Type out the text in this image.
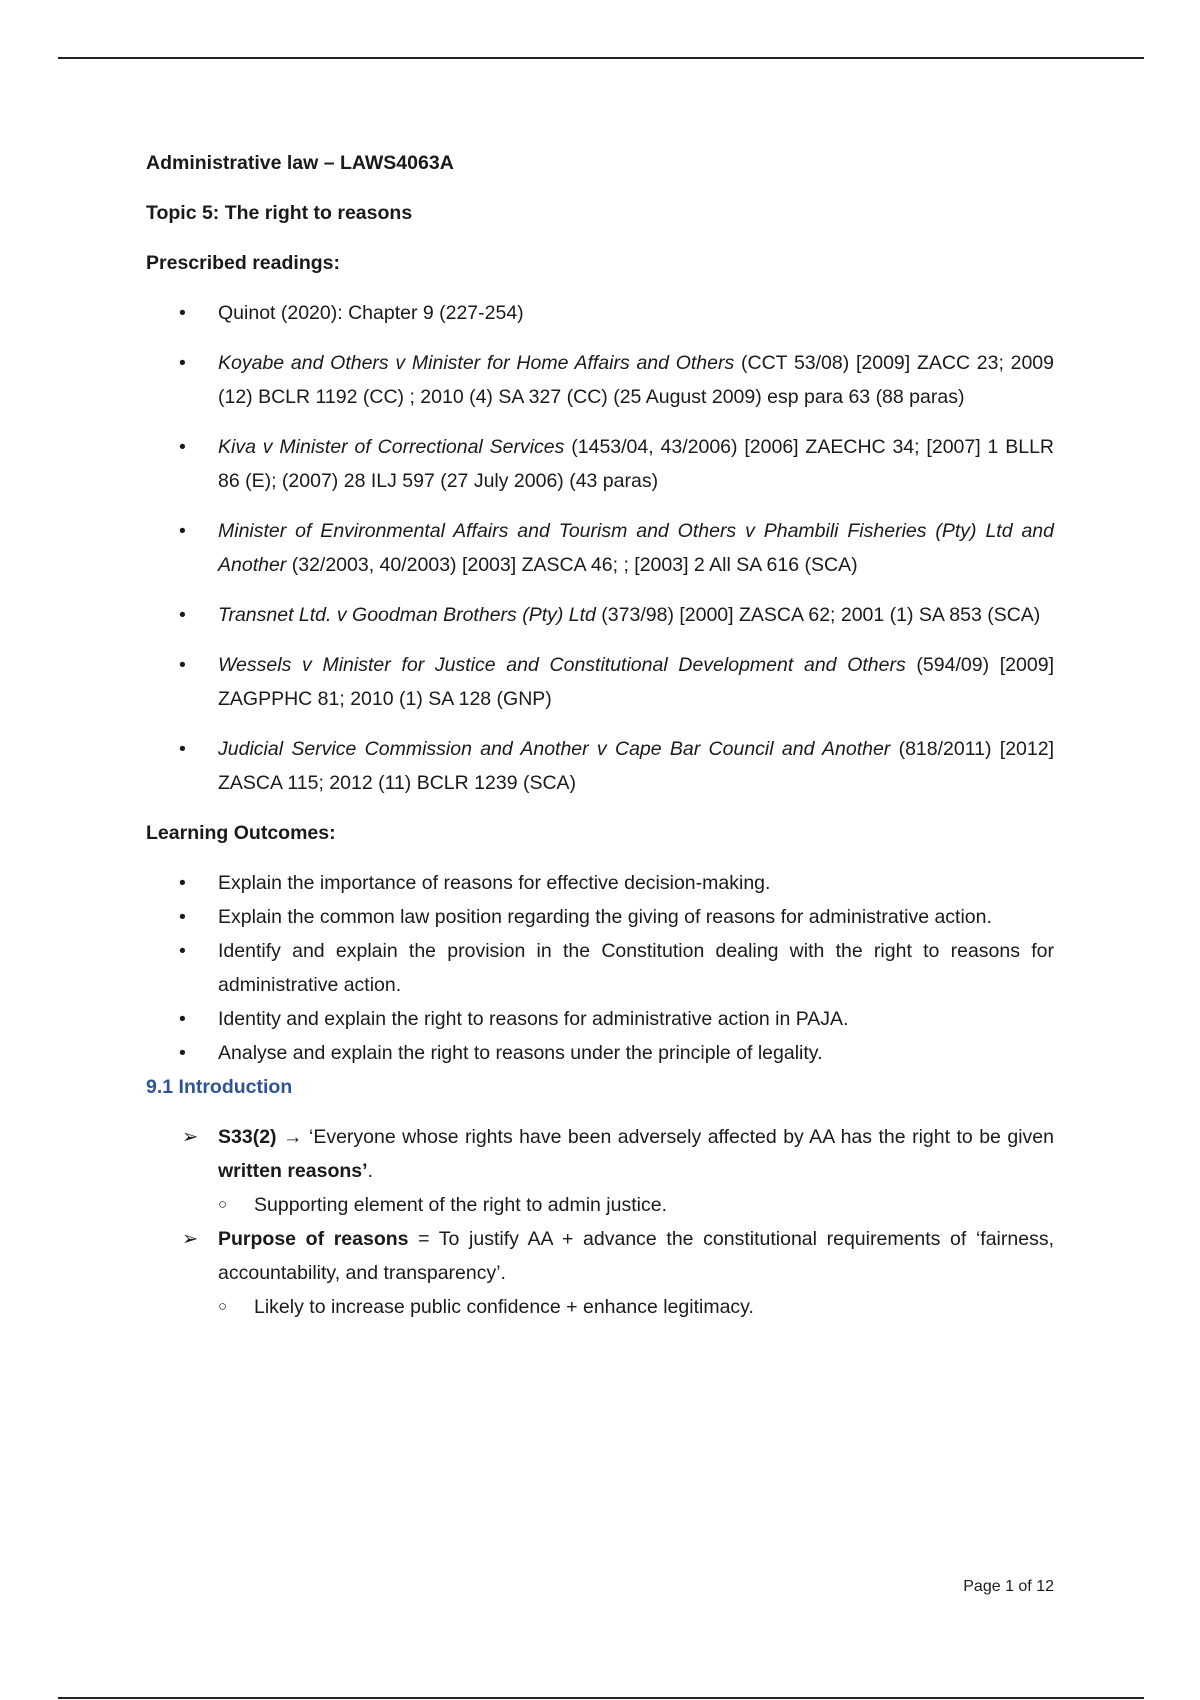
Administrative law – LAWS4063A
Topic 5: The right to reasons
Prescribed readings:
•	Quinot (2020): Chapter 9 (227-254)
•	Koyabe and Others v Minister for Home Affairs and Others (CCT 53/08) [2009] ZACC 23; 2009 (12) BCLR 1192 (CC) ; 2010 (4) SA 327 (CC) (25 August 2009) esp para 63 (88 paras)
•	Kiva v Minister of Correctional Services (1453/04, 43/2006) [2006] ZAECHC 34; [2007] 1 BLLR 86 (E); (2007) 28 ILJ 597 (27 July 2006) (43 paras)
•	Minister of Environmental Affairs and Tourism and Others v Phambili Fisheries (Pty) Ltd and Another (32/2003, 40/2003) [2003] ZASCA 46; ; [2003] 2 All SA 616 (SCA)
•	Transnet Ltd. v Goodman Brothers (Pty) Ltd (373/98) [2000] ZASCA 62; 2001 (1) SA 853 (SCA)
•	Wessels v Minister for Justice and Constitutional Development and Others (594/09) [2009] ZAGPPHC 81; 2010 (1) SA 128 (GNP)
•	Judicial Service Commission and Another v Cape Bar Council and Another (818/2011) [2012] ZASCA 115; 2012 (11) BCLR 1239 (SCA)
Learning Outcomes:
•	Explain the importance of reasons for effective decision-making.
•	Explain the common law position regarding the giving of reasons for administrative action.
•	Identify and explain the provision in the Constitution dealing with the right to reasons for administrative action.
•	Identity and explain the right to reasons for administrative action in PAJA.
•	Analyse and explain the right to reasons under the principle of legality.
9.1 Introduction
➢ S33(2) → ‘Everyone whose rights have been adversely affected by AA has the right to be given written reasons’.
○ Supporting element of the right to admin justice.
➢ Purpose of reasons = To justify AA + advance the constitutional requirements of ‘fairness, accountability, and transparency’.
○ Likely to increase public confidence + enhance legitimacy.
Page 1 of 12
